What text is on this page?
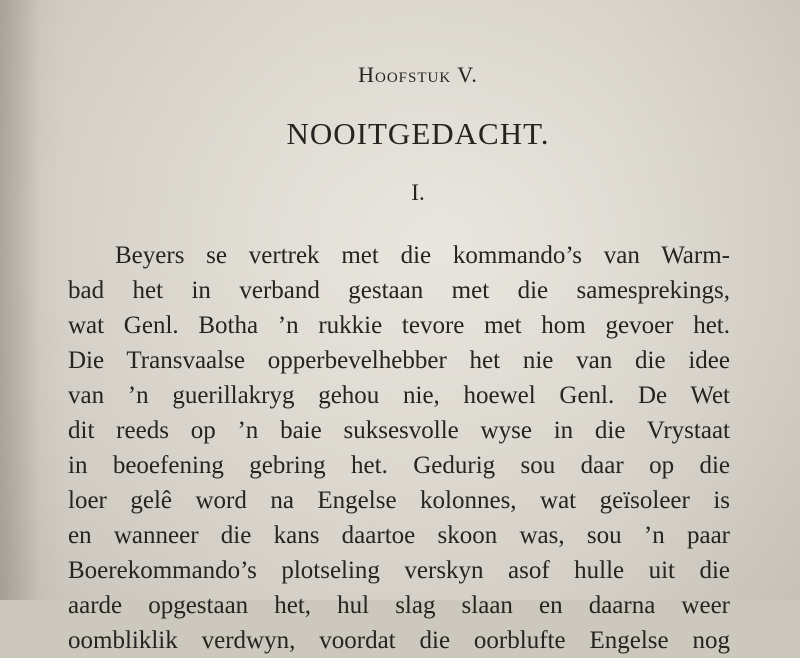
Hoofstuk V.
NOOITGEDACHT.
I.
Beyers se vertrek met die kommando’s van Warm-
bad het in verband gestaan met die samesprekings,
wat Genl. Botha ’n rukkie tevore met hom gevoer het.
Die Transvaalse opperbevelhebber het nie van die idee
van ’n guerillakryg gehou nie, hoewel Genl. De Wet
dit reeds op ’n baie suksesvolle wyse in die Vrystaat
in beoefening gebring het. Gedurig sou daar op die
loer gelê word na Engelse kolonnes, wat geïsoleer is
en wanneer die kans daartoe skoon was, sou ’n paar
Boerekommando’s plotseling verskyn asof hulle uit die
aarde opgestaan het, hul slag slaan en daarna weer
oombliklik verdwyn, voordat die oorblufte Engelse nog
